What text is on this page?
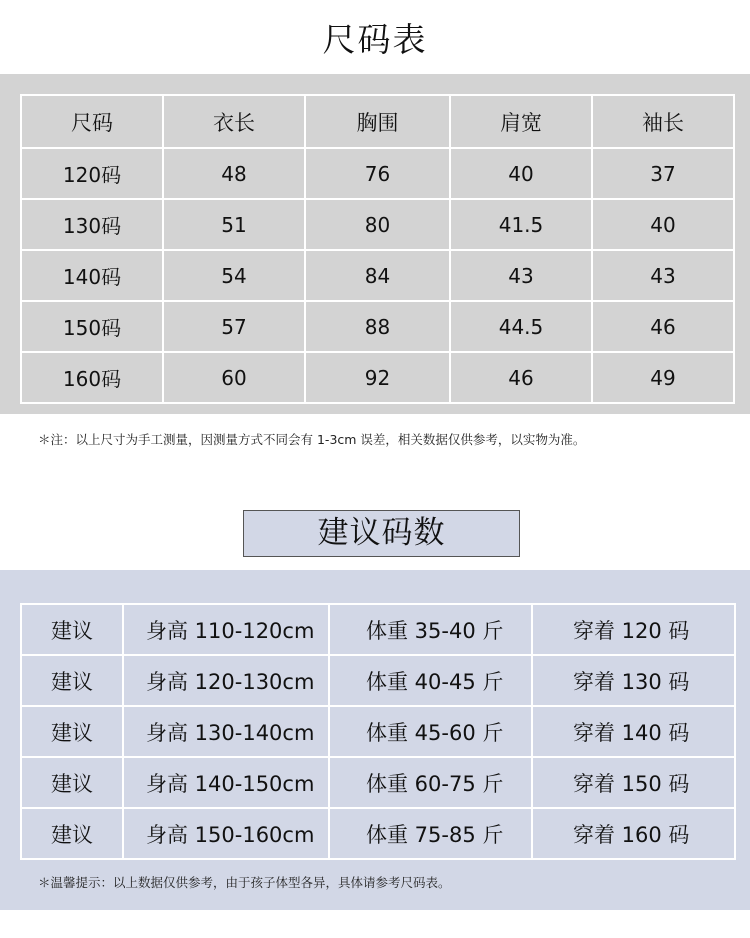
尺码表
尺码	衣长	胸围	肩宽	袖长
120码	48	76	40	37
130码	51	80	41.5	40
140码	54	84	43	43
150码	57	88	44.5	46
160码	60	92	46	49
＊注：以上尺寸为手工测量，因测量方式不同会有 1-3cm 误差，相关数据仅供参考，以实物为准。
建议码数
建议	身高 110-120cm	体重 35-40 斤	穿着 120 码
建议	身高 120-130cm	体重 40-45 斤	穿着 130 码
建议	身高 130-140cm	体重 45-60 斤	穿着 140 码
建议	身高 140-150cm	体重 60-75 斤	穿着 150 码
建议	身高 150-160cm	体重 75-85 斤	穿着 160 码
＊温馨提示：以上数据仅供参考，由于孩子体型各异，具体请参考尺码表。
